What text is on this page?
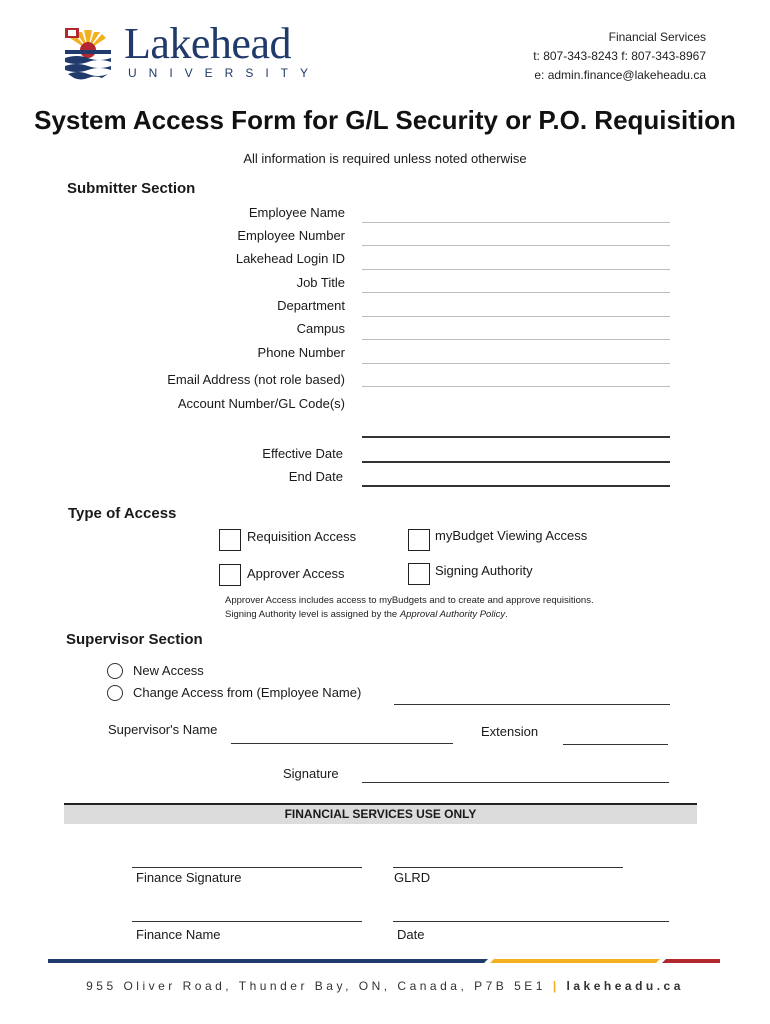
Lakehead
UNIVERSITY
Financial Services
t: 807-343-8243 f: 807-343-8967
e: admin.finance@lakeheadu.ca
System Access Form for G/L Security or P.O. Requisition
All information is required unless noted otherwise
Submitter Section
Employee Name
Employee Number
Lakehead Login ID
Job Title
Department
Campus
Phone Number
Email Address (not role based)
Account Number/GL Code(s)
Effective Date
End Date
Type of Access
Requisition Access	myBudget Viewing Access
Approver Access	Signing Authority
Approver Access includes access to myBudgets and to create and approve requisitions.
Signing Authority level is assigned by the Approval Authority Policy.
Supervisor Section
New Access
Change Access from (Employee Name)
Supervisor's Name	Extension
Signature
FINANCIAL SERVICES USE ONLY
Finance Signature	GLRD
Finance Name	Date
955 Oliver Road, Thunder Bay, ON, Canada, P7B 5E1 | lakeheadu.ca
